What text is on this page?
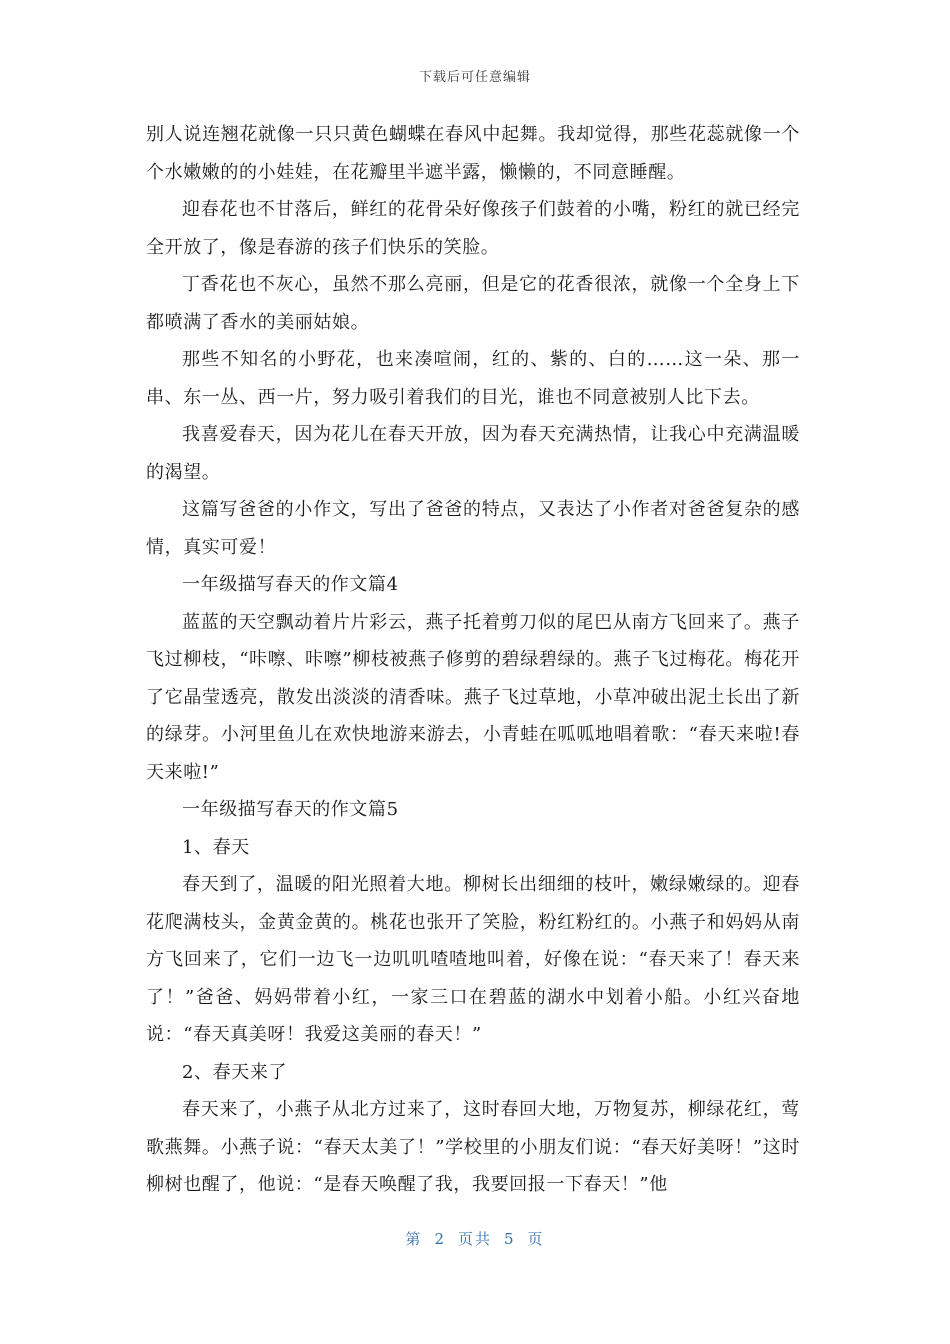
下载后可任意编辑

别人说连翘花就像一只只黄色蝴蝶在春风中起舞。我却觉得，那些花蕊就像一个个水嫩嫩的的小娃娃，在花瓣里半遮半露，懒懒的，不同意睡醒。

迎春花也不甘落后，鲜红的花骨朵好像孩子们鼓着的小嘴，粉红的就已经完全开放了，像是春游的孩子们快乐的笑脸。

丁香花也不灰心，虽然不那么亮丽，但是它的花香很浓，就像一个全身上下都喷满了香水的美丽姑娘。

那些不知名的小野花，也来凑喧闹，红的、紫的、白的……这一朵、那一串、东一丛、西一片，努力吸引着我们的目光，谁也不同意被别人比下去。

我喜爱春天，因为花儿在春天开放，因为春天充满热情，让我心中充满温暖的渴望。

这篇写爸爸的小作文，写出了爸爸的特点，又表达了小作者对爸爸复杂的感情，真实可爱！

一年级描写春天的作文篇4

蓝蓝的天空飘动着片片彩云，燕子托着剪刀似的尾巴从南方飞回来了。燕子飞过柳枝，“咔嚓、咔嚓”柳枝被燕子修剪的碧绿碧绿的。燕子飞过梅花。梅花开了它晶莹透亮，散发出淡淡的清香味。燕子飞过草地，小草冲破出泥土长出了新的绿芽。小河里鱼儿在欢快地游来游去，小青蛙在呱呱地唱着歌：“春天来啦!春天来啦!”

一年级描写春天的作文篇5

1、春天

春天到了，温暖的阳光照着大地。柳树长出细细的枝叶，嫩绿嫩绿的。迎春花爬满枝头，金黄金黄的。桃花也张开了笑脸，粉红粉红的。小燕子和妈妈从南方飞回来了，它们一边飞一边叽叽喳喳地叫着，好像在说：“春天来了！春天来了！”爸爸、妈妈带着小红，一家三口在碧蓝的湖水中划着小船。小红兴奋地说：“春天真美呀！我爱这美丽的春天！”

2、春天来了

春天来了，小燕子从北方过来了，这时春回大地，万物复苏，柳绿花红，莺歌燕舞。小燕子说：“春天太美了！”学校里的小朋友们说：“春天好美呀！”这时柳树也醒了，他说：“是春天唤醒了我，我要回报一下春天！”他

第 2 页共 5 页
